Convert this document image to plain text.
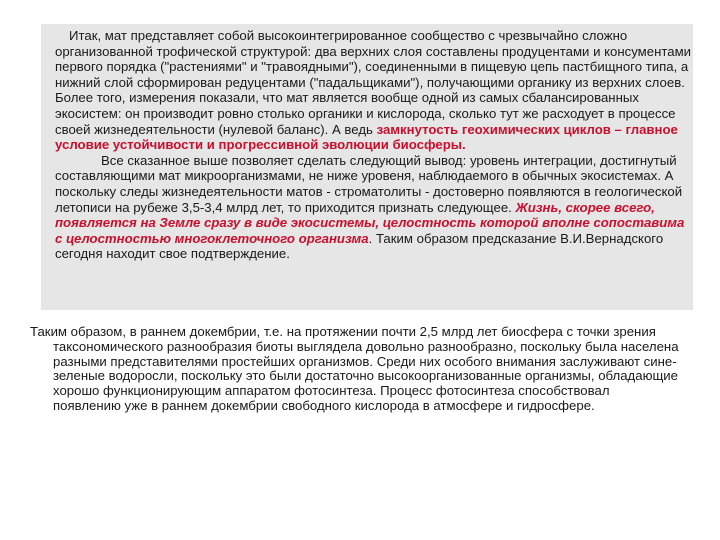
Итак, мат представляет собой высокоинтегрированное сообщество с чрезвычайно сложно организованной трофической структурой: два верхних слоя составлены продуцентами и консументами первого порядка ("растениями" и "травоядными"), соединенными в пищевую цепь пастбищного типа, а нижний слой сформирован редуцентами ("падальщиками"), получающими органику из верхних слоев. Более того, измерения показали, что мат является вообще одной из самых сбалансированных экосистем: он производит ровно столько органики и кислорода, сколько тут же расходует в процессе своей жизнедеятельности (нулевой баланс). А ведь замкнутость геохимических циклов – главное условие устойчивости и прогрессивной эволюции биосферы.

Все сказанное выше позволяет сделать следующий вывод: уровень интеграции, достигнутый составляющими мат микроорганизмами, не ниже уровеня, наблюдаемого в обычных экосистемах. А поскольку следы жизнедеятельности матов - строматолиты - достоверно появляются в геологической летописи на рубеже 3,5-3,4 млрд лет, то приходится признать следующее. Жизнь, скорее всего, появляется на Земле сразу в виде экосистемы, целостность которой вполне сопоставима с целостностью многоклеточного организма. Таким образом предсказание В.И.Вернадского сегодня находит свое подтверждение.

Таким образом, в раннем докембрии, т.е. на протяжении почти 2,5 млрд лет биосфера с точки зрения таксономического разнообразия биоты выглядела довольно разнообразно, поскольку была населена разными представителями простейших организмов. Среди них особого внимания заслуживают сине-зеленые водоросли, поскольку это были достаточно высокоорганизованные организмы, обладающие хорошо функционирующим аппаратом фотосинтеза. Процесс фотосинтеза способствовал появлению уже в раннем докембрии свободного кислорода в атмосфере и гидросфере.
